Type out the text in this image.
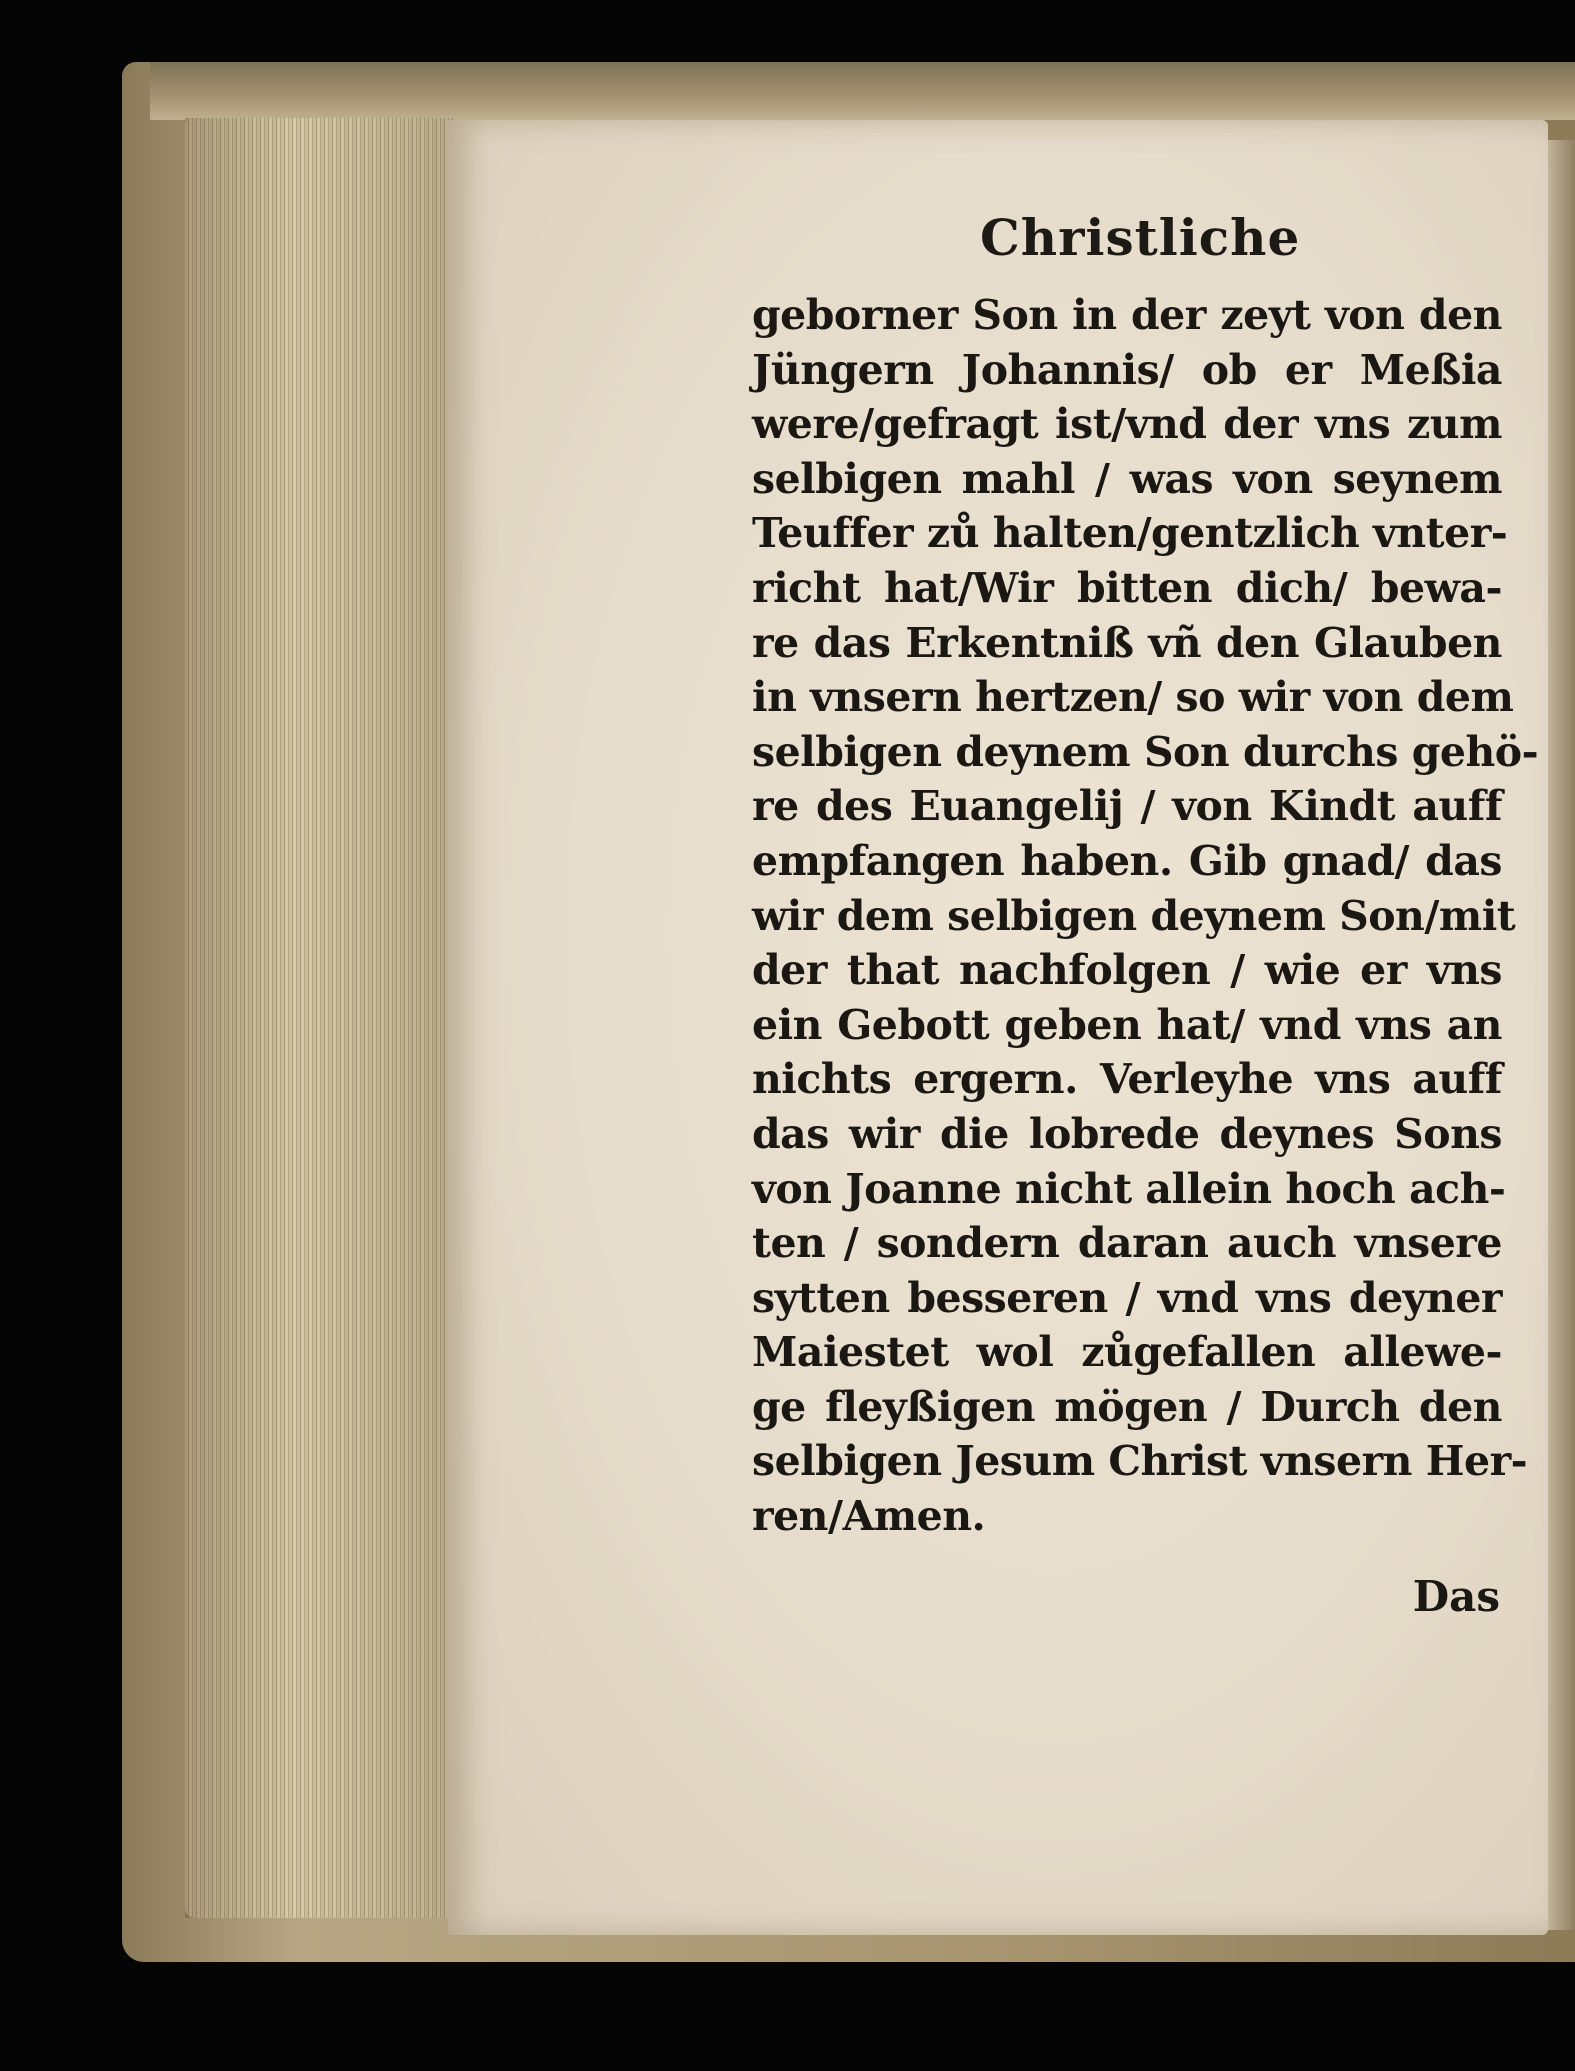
Christliche
geborner Son in der zeyt von den
Jüngern Johannis/ ob er Meßia
were/gefragt ist/vnd der vns zum
selbigen mahl / was von seynem
Teuffer zů halten/gentzlich vnter-
richt hat/Wir bitten dich/ bewa-
re das Erkentniß vñ den Glauben
in vnsern hertzen/ so wir von dem
selbigen deynem Son durchs gehö-
re des Euangelij / von Kindt auff
empfangen haben. Gib gnad/ das
wir dem selbigen deynem Son/mit
der that nachfolgen / wie er vns
ein Gebott geben hat/ vnd vns an
nichts ergern. Verleyhe vns auff
das wir die lobrede deynes Sons
von Joanne nicht allein hoch ach-
ten / sondern daran auch vnsere
sytten besseren / vnd vns deyner
Maiestet wol zůgefallen allewe-
ge fleyßigen mögen / Durch den
selbigen Jesum Christ vnsern Her-
ren/Amen.
Das
